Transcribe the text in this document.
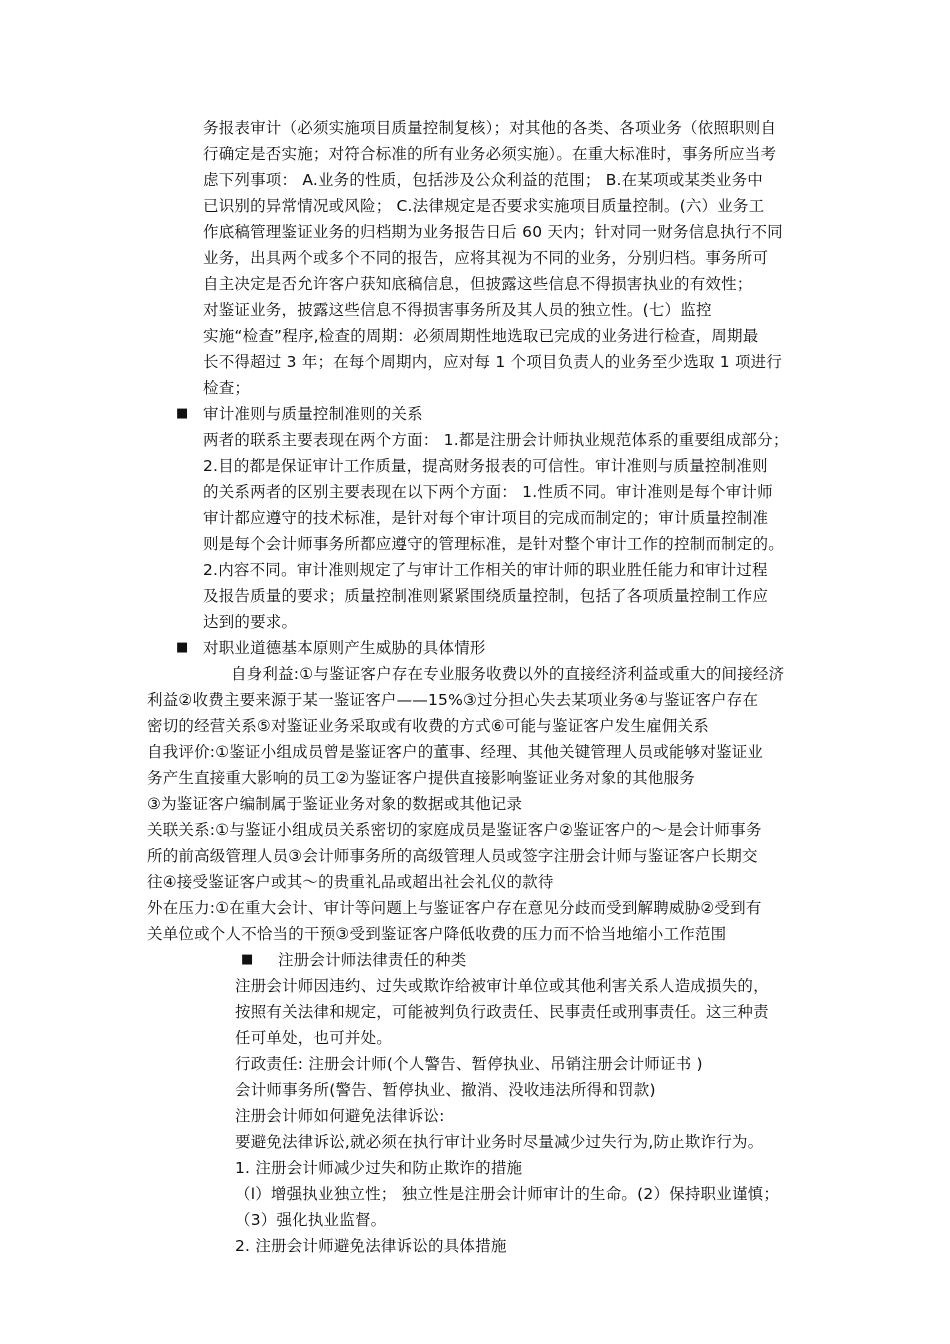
务报表审计（必须实施项目质量控制复核）；对其他的各类、各项业务（依照职则自
行确定是否实施；对符合标准的所有业务必须实施）。在重大标准时，事务所应当考
虑下列事项： A.业务的性质，包括涉及公众利益的范围； B.在某项或某类业务中
已识别的异常情况或风险； C.法律规定是否要求实施项目质量控制。(六）业务工
作底稿管理鉴证业务的归档期为业务报告日后 60 天内；针对同一财务信息执行不同
业务，出具两个或多个不同的报告，应将其视为不同的业务，分别归档。事务所可
自主决定是否允许客户获知底稿信息，但披露这些信息不得损害执业的有效性；
对鉴证业务，披露这些信息不得损害事务所及其人员的独立性。(七）监控
实施“检查”程序,检查的周期：必须周期性地选取已完成的业务进行检查，周期最
长不得超过 3 年；在每个周期内，应对每 1 个项目负责人的业务至少选取 1 项进行
检查；
■ 审计准则与质量控制准则的关系
两者的联系主要表现在两个方面： 1.都是注册会计师执业规范体系的重要组成部分；
2.目的都是保证审计工作质量，提高财务报表的可信性。审计准则与质量控制准则
的关系两者的区别主要表现在以下两个方面： 1.性质不同。审计准则是每个审计师
审计都应遵守的技术标准，是针对每个审计项目的完成而制定的；审计质量控制准
则是每个会计师事务所都应遵守的管理标准，是针对整个审计工作的控制而制定的。
2.内容不同。审计准则规定了与审计工作相关的审计师的职业胜任能力和审计过程
及报告质量的要求；质量控制准则紧紧围绕质量控制，包括了各项质量控制工作应
达到的要求。
■ 对职业道德基本原则产生威胁的具体情形
自身利益:①与鉴证客户存在专业服务收费以外的直接经济利益或重大的间接经济
利益②收费主要来源于某一鉴证客户——15%③过分担心失去某项业务④与鉴证客户存在
密切的经营关系⑤对鉴证业务采取或有收费的方式⑥可能与鉴证客户发生雇佣关系
自我评价:①鉴证小组成员曾是鉴证客户的董事、经理、其他关键管理人员或能够对鉴证业
务产生直接重大影响的员工②为鉴证客户提供直接影响鉴证业务对象的其他服务
③为鉴证客户编制属于鉴证业务对象的数据或其他记录
关联关系:①与鉴证小组成员关系密切的家庭成员是鉴证客户②鉴证客户的～是会计师事务
所的前高级管理人员③会计师事务所的高级管理人员或签字注册会计师与鉴证客户长期交
往④接受鉴证客户或其～的贵重礼品或超出社会礼仪的款待
外在压力:①在重大会计、审计等问题上与鉴证客户存在意见分歧而受到解聘威胁②受到有
关单位或个人不恰当的干预③受到鉴证客户降低收费的压力而不恰当地缩小工作范围
■ 注册会计师法律责任的种类
注册会计师因违约、过失或欺诈给被审计单位或其他利害关系人造成损失的，
按照有关法律和规定，可能被判负行政责任、民事责任或刑事责任。这三种责
任可单处，也可并处。
行政责任: 注册会计师(个人警告、暂停执业、吊销注册会计师证书 )
会计师事务所(警告、暂停执业、撤消、没收违法所得和罚款)
注册会计师如何避免法律诉讼:
要避免法律诉讼,就必须在执行审计业务时尽量减少过失行为,防止欺诈行为。
1. 注册会计师减少过失和防止欺诈的措施
（l）增强执业独立性； 独立性是注册会计师审计的生命。(2）保持职业谨慎；
（3）强化执业监督。
2. 注册会计师避免法律诉讼的具体措施
